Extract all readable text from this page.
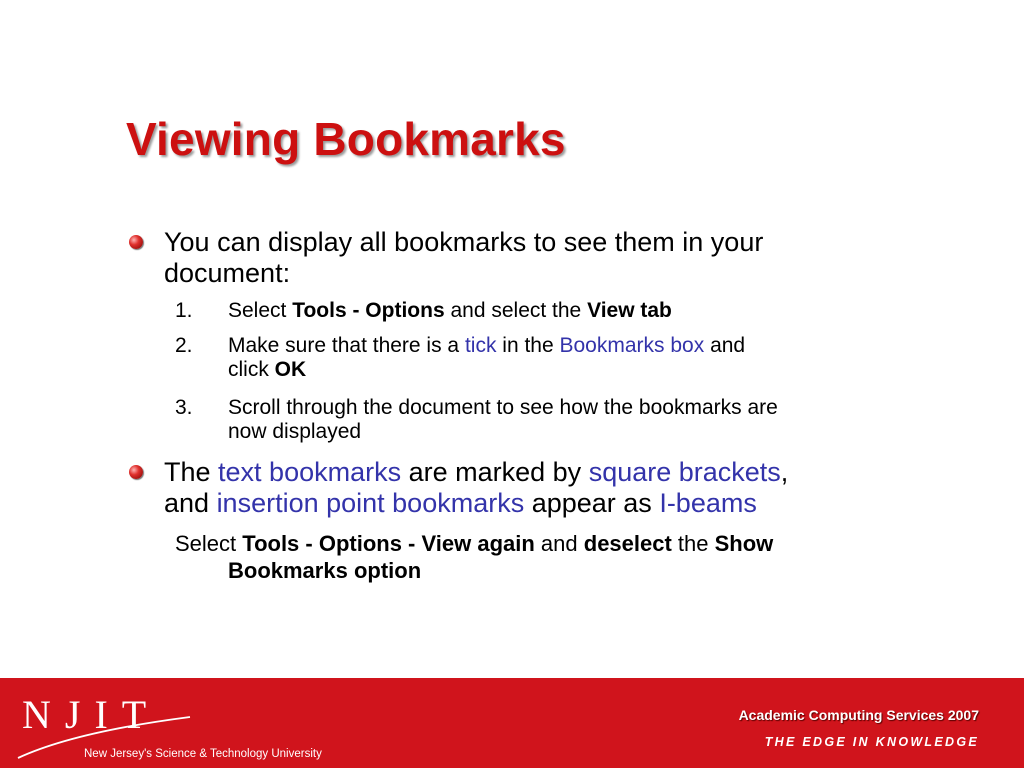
Viewing Bookmarks
You can display all bookmarks to see them in your
document:
1. Select Tools - Options and select the View tab
2. Make sure that there is a tick in the Bookmarks box and
click OK
3. Scroll through the document to see how the bookmarks are
now displayed
The text bookmarks are marked by square brackets,
and insertion point bookmarks appear as I-beams
Select Tools - Options - View again and deselect the Show
Bookmarks option
NJIT
New Jersey's Science & Technology University
Academic Computing Services 2007
THE EDGE IN KNOWLEDGE
